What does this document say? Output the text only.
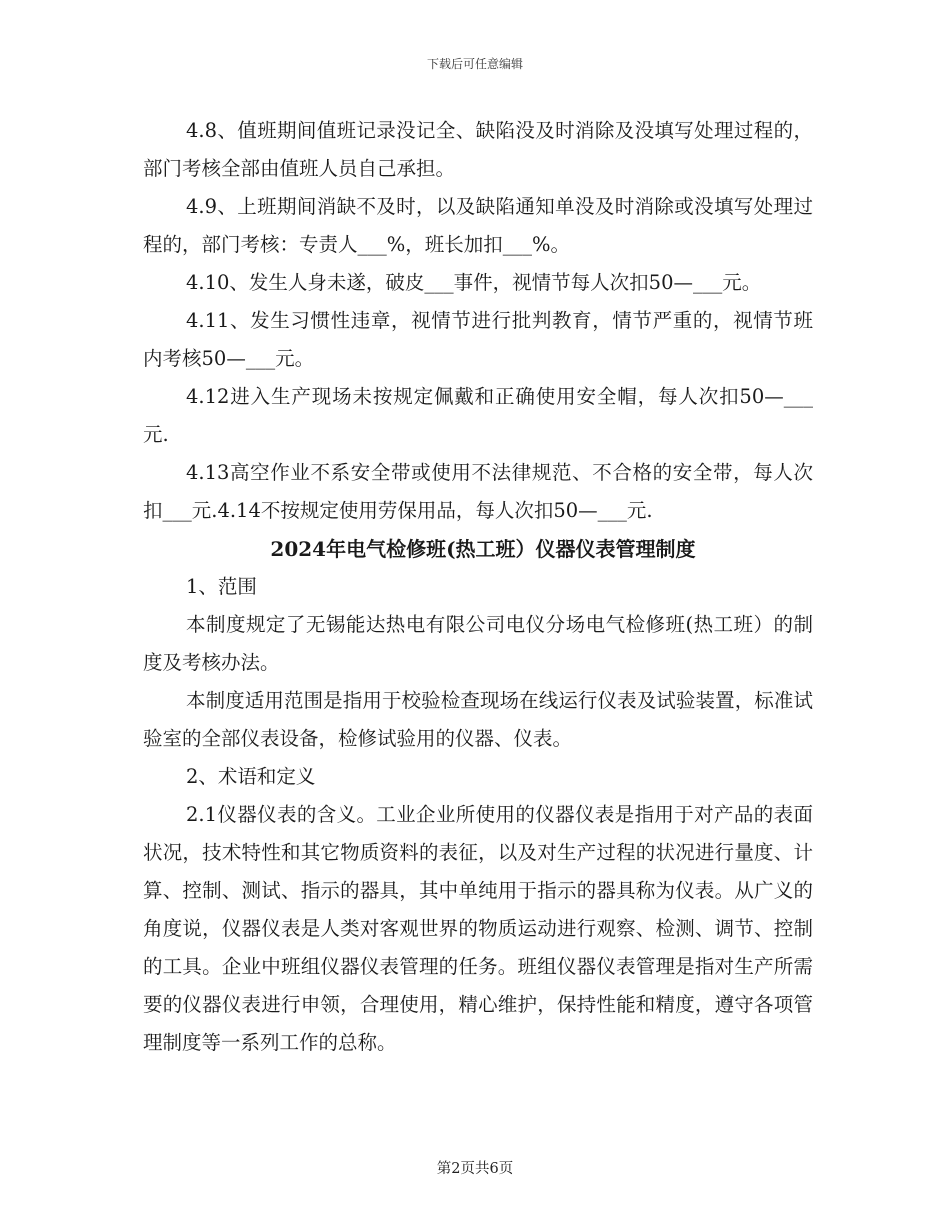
下载后可任意编辑

4.8、值班期间值班记录没记全、缺陷没及时消除及没填写处理过程的，部门考核全部由值班人员自己承担。

4.9、上班期间消缺不及时，以及缺陷通知单没及时消除或没填写处理过程的，部门考核：专责人___%，班长加扣___%。

4.10、发生人身未遂，破皮___事件，视情节每人次扣50—___元。

4.11、发生习惯性违章，视情节进行批判教育，情节严重的，视情节班内考核50—___元。

4.12进入生产现场未按规定佩戴和正确使用安全帽，每人次扣50—___元.

4.13高空作业不系安全带或使用不法律规范、不合格的安全带，每人次扣___元.4.14不按规定使用劳保用品，每人次扣50—___元.

2024年电气检修班(热工班）仪器仪表管理制度

1、范围

本制度规定了无锡能达热电有限公司电仪分场电气检修班(热工班）的制度及考核办法。

本制度适用范围是指用于校验检查现场在线运行仪表及试验装置，标准试验室的全部仪表设备，检修试验用的仪器、仪表。

2、术语和定义

2.1仪器仪表的含义。工业企业所使用的仪器仪表是指用于对产品的表面状况，技术特性和其它物质资料的表征，以及对生产过程的状况进行量度、计算、控制、测试、指示的器具，其中单纯用于指示的器具称为仪表。从广义的角度说，仪器仪表是人类对客观世界的物质运动进行观察、检测、调节、控制的工具。企业中班组仪器仪表管理的任务。班组仪器仪表管理是指对生产所需要的仪器仪表进行申领，合理使用，精心维护，保持性能和精度，遵守各项管理制度等一系列工作的总称。

第2页共6页
